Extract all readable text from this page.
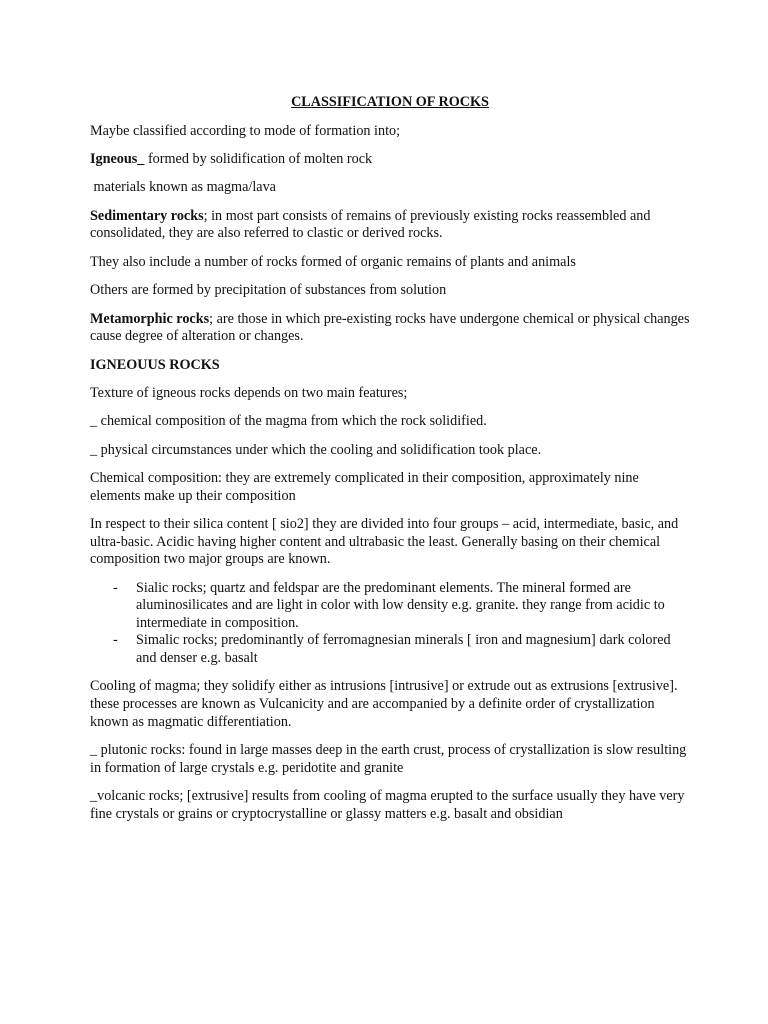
CLASSIFICATION OF ROCKS

Maybe classified according to mode of formation into;

Igneous_ formed by solidification of molten rock

materials known as magma/lava

Sedimentary rocks; in most part consists of remains of previously existing rocks reassembled and consolidated, they are also referred to clastic or derived rocks.

They also include a number of rocks formed of organic remains of plants and animals

Others are formed by precipitation of substances from solution

Metamorphic rocks; are those in which pre-existing rocks have undergone chemical or physical changes cause degree of alteration or changes.

IGNEOUUS ROCKS

Texture of igneous rocks depends on two main features;

_ chemical composition of the magma from which the rock solidified.

_ physical circumstances under which the cooling and solidification took place.

Chemical composition: they are extremely complicated in their composition, approximately nine elements make up their composition

In respect to their silica content [ sio2] they are divided into four groups – acid, intermediate, basic, and ultra-basic. Acidic having higher content and ultrabasic the least. Generally basing on their chemical composition two major groups are known.

- Sialic rocks; quartz and feldspar are the predominant elements. The mineral formed are aluminosilicates and are light in color with low density e.g. granite. they range from acidic to intermediate in composition.
- Simalic rocks; predominantly of ferromagnesian minerals [ iron and magnesium] dark colored and denser e.g. basalt

Cooling of magma; they solidify either as intrusions [intrusive] or extrude out as extrusions [extrusive]. these processes are known as Vulcanicity and are accompanied by a definite order of crystallization known as magmatic differentiation.

_ plutonic rocks: found in large masses deep in the earth crust, process of crystallization is slow resulting in formation of large crystals e.g. peridotite and granite

_volcanic rocks; [extrusive] results from cooling of magma erupted to the surface usually they have very fine crystals or grains or cryptocrystalline or glassy matters e.g. basalt and obsidian
